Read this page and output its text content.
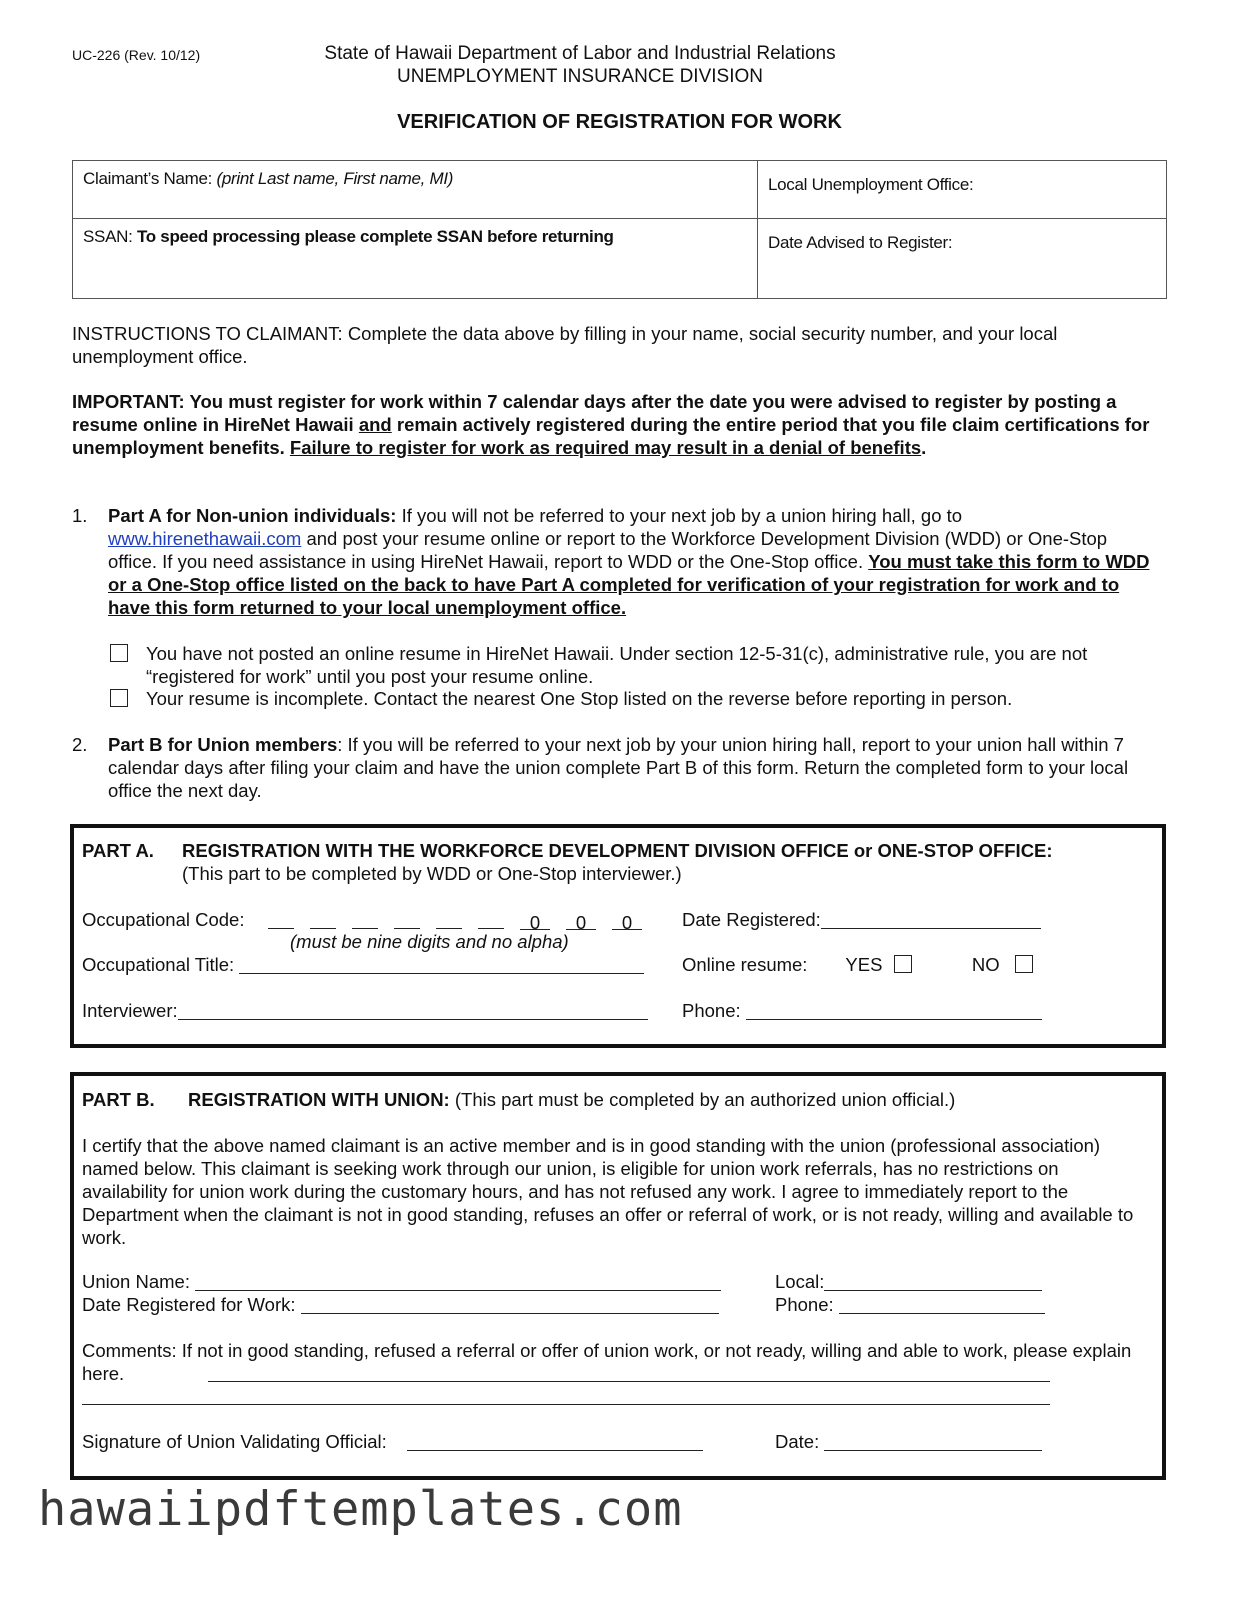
UC-226 (Rev. 10/12)	State of Hawaii Department of Labor and Industrial Relations
UNEMPLOYMENT INSURANCE DIVISION
VERIFICATION OF REGISTRATION FOR WORK
Claimant’s Name: (print Last name, First name, MI)	Local Unemployment Office:

SSAN: To speed processing please complete SSAN before returning	Date Advised to Register:
INSTRUCTIONS TO CLAIMANT: Complete the data above by filling in your name, social security number, and your local unemployment office.
IMPORTANT: You must register for work within 7 calendar days after the date you were advised to register by posting a resume online in HireNet Hawaii and remain actively registered during the entire period that you file claim certifications for unemployment benefits. Failure to register for work as required may result in a denial of benefits.
1. Part A for Non-union individuals: If you will not be referred to your next job by a union hiring hall, go to www.hirenethawaii.com and post your resume online or report to the Workforce Development Division (WDD) or One-Stop office. If you need assistance in using HireNet Hawaii, report to WDD or the One-Stop office. You must take this form to WDD or a One-Stop office listed on the back to have Part A completed for verification of your registration for work and to have this form returned to your local unemployment office.
You have not posted an online resume in HireNet Hawaii. Under section 12-5-31(c), administrative rule, you are not “registered for work” until you post your resume online.
Your resume is incomplete. Contact the nearest One Stop listed on the reverse before reporting in person.
2. Part B for Union members: If you will be referred to your next job by your union hiring hall, report to your union hall within 7 calendar days after filing your claim and have the union complete Part B of this form. Return the completed form to your local office the next day.
PART A. REGISTRATION WITH THE WORKFORCE DEVELOPMENT DIVISION OFFICE or ONE-STOP OFFICE:
(This part to be completed by WDD or One-Stop interviewer.)
Occupational Code:	0 0 0
(must be nine digits and no alpha)
Date Registered:
Occupational Title:	Online resume: YES	NO
Interviewer:	Phone:
PART B. REGISTRATION WITH UNION: (This part must be completed by an authorized union official.)
I certify that the above named claimant is an active member and is in good standing with the union (professional association) named below. This claimant is seeking work through our union, is eligible for union work referrals, has no restrictions on availability for union work during the customary hours, and has not refused any work. I agree to immediately report to the Department when the claimant is not in good standing, refuses an offer or referral of work, or is not ready, willing and available to work.
Union Name:	Local:
Date Registered for Work:	Phone:
Comments: If not in good standing, refused a referral or offer of union work, or not ready, willing and able to work, please explain here.
Signature of Union Validating Official:	Date:
hawaiipdftemplates.com
